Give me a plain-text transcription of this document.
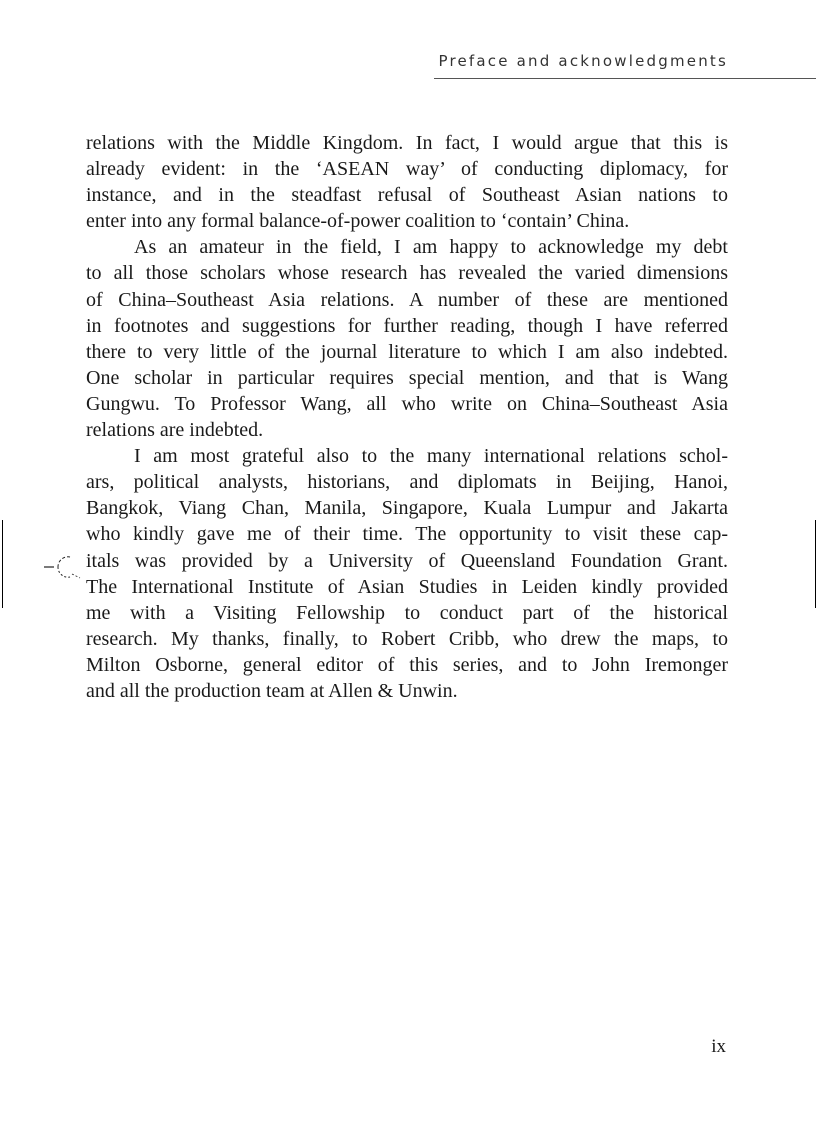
Preface and acknowledgments
relations with the Middle Kingdom. In fact, I would argue that this is
already evident: in the ‘ASEAN way’ of conducting diplomacy, for
instance, and in the steadfast refusal of Southeast Asian nations to
enter into any formal balance-of-power coalition to ‘contain’ China.
As an amateur in the field, I am happy to acknowledge my debt
to all those scholars whose research has revealed the varied dimensions
of China–Southeast Asia relations. A number of these are mentioned
in footnotes and suggestions for further reading, though I have referred
there to very little of the journal literature to which I am also indebted.
One scholar in particular requires special mention, and that is Wang
Gungwu. To Professor Wang, all who write on China–Southeast Asia
relations are indebted.
I am most grateful also to the many international relations schol-
ars, political analysts, historians, and diplomats in Beijing, Hanoi,
Bangkok, Viang Chan, Manila, Singapore, Kuala Lumpur and Jakarta
who kindly gave me of their time. The opportunity to visit these cap-
itals was provided by a University of Queensland Foundation Grant.
The International Institute of Asian Studies in Leiden kindly provided
me with a Visiting Fellowship to conduct part of the historical
research. My thanks, finally, to Robert Cribb, who drew the maps, to
Milton Osborne, general editor of this series, and to John Iremonger
and all the production team at Allen & Unwin.
ix
